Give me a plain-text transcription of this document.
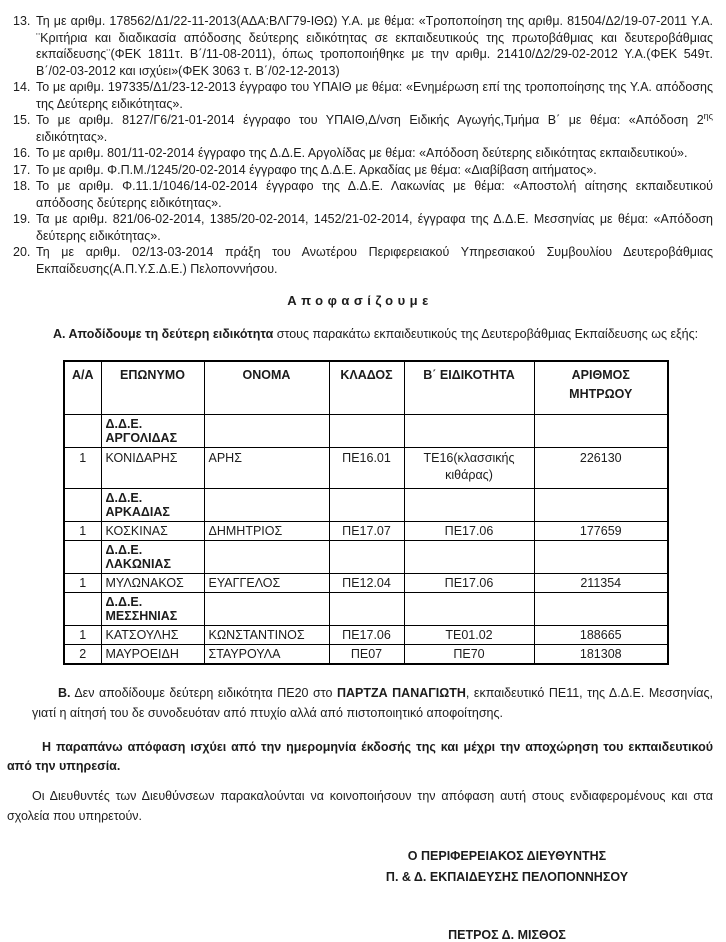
13. Τη με αριθμ. 178562/Δ1/22-11-2013(ΑΔΑ:ΒΛΓ79-ΙΘΩ) Υ.Α. με θέμα: «Τροποποίηση της αριθμ. 81504/Δ2/19-07-2011 Υ.Α. ¨Κριτήρια και διαδικασία απόδοσης δεύτερης ειδικότητας σε εκπαιδευτικούς της πρωτοβάθμιας και δευτεροβάθμιας εκπαίδευσης¨(ΦΕΚ 1811τ. Β΄/11-08-2011), όπως τροποποιήθηκε με την αριθμ. 21410/Δ2/29-02-2012 Υ.Α.(ΦΕΚ 549τ. Β΄/02-03-2012 και ισχύει»(ΦΕΚ 3063 τ. Β΄/02-12-2013)
14. Το με αριθμ. 197335/Δ1/23-12-2013 έγγραφο του ΥΠΑΙΘ με θέμα: «Ενημέρωση επί της τροποποίησης της Υ.Α. απόδοσης της Δεύτερης ειδικότητας».
15. Το με αριθμ. 8127/Γ6/21-01-2014 έγγραφο του ΥΠΑΙΘ,Δ/νση Ειδικής Αγωγής,Τμήμα Β΄ με θέμα: «Απόδοση $2^{\eta\varsigma}$ ειδικότητας».
16. Το με αριθμ. 801/11-02-2014 έγγραφο της Δ.Δ.Ε. Αργολίδας με θέμα: «Απόδοση δεύτερης ειδικότητας εκπαιδευτικού».
17. Το με αριθμ. Φ.Π.Μ./1245/20-02-2014 έγγραφο της Δ.Δ.Ε. Αρκαδίας με θέμα: «Διαβίβαση αιτήματος».
18. Το με αριθμ. Φ.11.1/1046/14-02-2014 έγγραφο της Δ.Δ.Ε. Λακωνίας με θέμα: «Αποστολή αίτησης εκπαιδευτικού απόδοσης δεύτερης ειδικότητας».
19. Τα με αριθμ. 821/06-02-2014, 1385/20-02-2014, 1452/21-02-2014, έγγραφα της Δ.Δ.Ε. Μεσσηνίας με θέμα: «Απόδοση δεύτερης ειδικότητας».
20. Τη με αριθμ. 02/13-03-2014 πράξη του Ανωτέρου Περιφερειακού Υπηρεσιακού Συμβουλίου Δευτεροβάθμιας Εκπαίδευσης(Α.Π.Υ.Σ.Δ.Ε.) Πελοποννήσου.
Αποφασίζουμε

Α. Αποδίδουμε τη δεύτερη ειδικότητα στους παρακάτω εκπαιδευτικούς της Δευτεροβάθμιας Εκπαίδευσης ως εξής:

Α/Α	ΕΠΩΝΥΜΟ	ΟΝΟΜΑ	ΚΛΑΔΟΣ	Β΄ ΕΙΔΙΚΟΤΗΤΑ	ΑΡΙΘΜΟΣ ΜΗΤΡΩΟΥ
	Δ.Δ.Ε. ΑΡΓΟΛΙΔΑΣ				
1	ΚΟΝΙΔΑΡΗΣ	ΑΡΗΣ	ΠΕ16.01	ΤΕ16(κλασσικής κιθάρας)	226130
	Δ.Δ.Ε. ΑΡΚΑΔΙΑΣ				
1	ΚΟΣΚΙΝΑΣ	ΔΗΜΗΤΡΙΟΣ	ΠΕ17.07	ΠΕ17.06	177659
	Δ.Δ.Ε. ΛΑΚΩΝΙΑΣ				
1	ΜΥΛΩΝΑΚΟΣ	ΕΥΑΓΓΕΛΟΣ	ΠΕ12.04	ΠΕ17.06	211354
	Δ.Δ.Ε. ΜΕΣΣΗΝΙΑΣ				
1	ΚΑΤΣΟΥΛΗΣ	ΚΩΝΣΤΑΝΤΙΝΟΣ	ΠΕ17.06	ΤΕ01.02	188665
2	ΜΑΥΡΟΕΙΔΗ	ΣΤΑΥΡΟΥΛΑ	ΠΕ07	ΠΕ70	181308

Β. Δεν αποδίδουμε δεύτερη ειδικότητα ΠΕ20 στο ΠΑΡΤΖΑ ΠΑΝΑΓΙΩΤΗ, εκπαιδευτικό ΠΕ11, της Δ.Δ.Ε. Μεσσηνίας, γιατί η αίτησή του δε συνοδευόταν από πτυχίο αλλά από πιστοποιητικό αποφοίτησης.

Η παραπάνω απόφαση ισχύει από την ημερομηνία έκδοσής της και μέχρι την αποχώρηση του εκπαιδευτικού από την υπηρεσία.

Οι Διευθυντές των Διευθύνσεων παρακαλούνται να κοινοποιήσουν την απόφαση αυτή στους ενδιαφερομένους και στα σχολεία που υπηρετούν.

Ο ΠΕΡΙΦΕΡΕΙΑΚΟΣ ΔΙΕΥΘΥΝΤΗΣ
Π. & Δ. ΕΚΠΑΙΔΕΥΣΗΣ ΠΕΛΟΠΟΝΝΗΣΟΥ
ΠΕΤΡΟΣ Δ. ΜΙΣΘΟΣ
